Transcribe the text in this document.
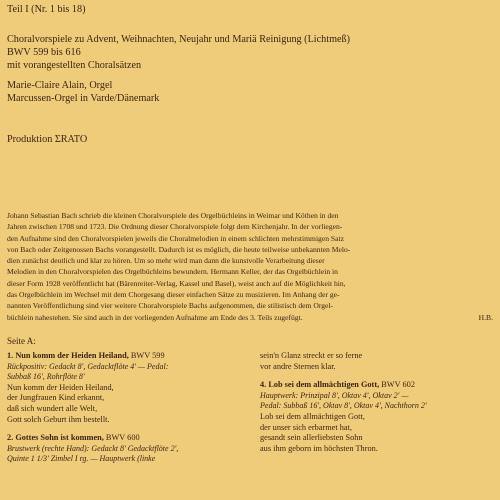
Teil I (Nr. 1 bis 18)
Choralvorspiele zu Advent, Weihnachten, Neujahr und Mariä Reinigung (Lichtmeß)
BWV 599 bis 616
mit vorangestellten Choralsätzen
Marie-Claire Alain, Orgel
Marcussen-Orgel in Varde/Dänemark
Produktion ΣRATO
Johann Sebastian Bach schrieb die kleinen Choralvorspiele des Orgelbüchleins in Weimar und Köthen in den
Jahren zwischen 1708 und 1723. Die Ordnung dieser Choralvorspiele folgt dem Kirchenjahr. In der vorliegen-
den Aufnahme sind den Choralvorspielen jeweils die Choralmelodien in einem schlichten mehrstimmigen Satz
von Bach oder Zeitgenossen Bachs vorangestellt. Dadurch ist es möglich, die heute teilweise unbekannten Melo-
dien zunächst deutlich und klar zu hören. Um so mehr wird man dann die kunstvolle Verarbeitung dieser
Melodien in den Choralvorspielen des Orgelbüchleins bewundern. Hermann Keller, der das Orgelbüchlein in
dieser Form 1928 veröffentlicht hat (Bärenreiter-Verlag, Kassel und Basel), weist auch auf die Möglichkeit hin,
das Orgelbüchlein im Wechsel mit dem Chorgesang dieser einfachen Sätze zu musizieren. Im Anhang der ge-
nannten Veröffentlichung sind vier weitere Choralvorspiele Bachs aufgenommen, die stilistisch dem Orgel-
büchlein nahestehen. Sie sind auch in der vorliegenden Aufnahme am Ende des 3. Teils zugefügt.	H.B.
Seite A:
1. Nun komm der Heiden Heiland, BWV 599
Rückpositiv: Gedackt 8', Gedacktflöte 4' — Pedal:
Subbaß 16', Rohrflöte 8'
Nun komm der Heiden Heiland,
der Jungfrauen Kind erkannt,
daß sich wundert alle Welt,
Gott solch Geburt ihm bestellt.
2. Gottes Sohn ist kommen, BWV 600
Brustwerk (rechte Hand): Gedackt 8' Gedacktflöte 2',
Quinte 1 1/3' Zimbel I rg. — Hauptwerk (linke
sein'n Glanz streckt er so ferne
vor andre Sternen klar.
4. Lob sei dem allmächtigen Gott, BWV 602
Hauptwerk: Prinzipal 8', Oktav 4', Oktav 2' —
Pedal: Subbaß 16', Oktav 8', Oktav 4', Nachthorn 2'
Lob sei dem allmächtigen Gott,
der unser sich erbarmet hat,
gesandt sein allerliebsten Sohn
aus ihm geborn im höchsten Thron.
